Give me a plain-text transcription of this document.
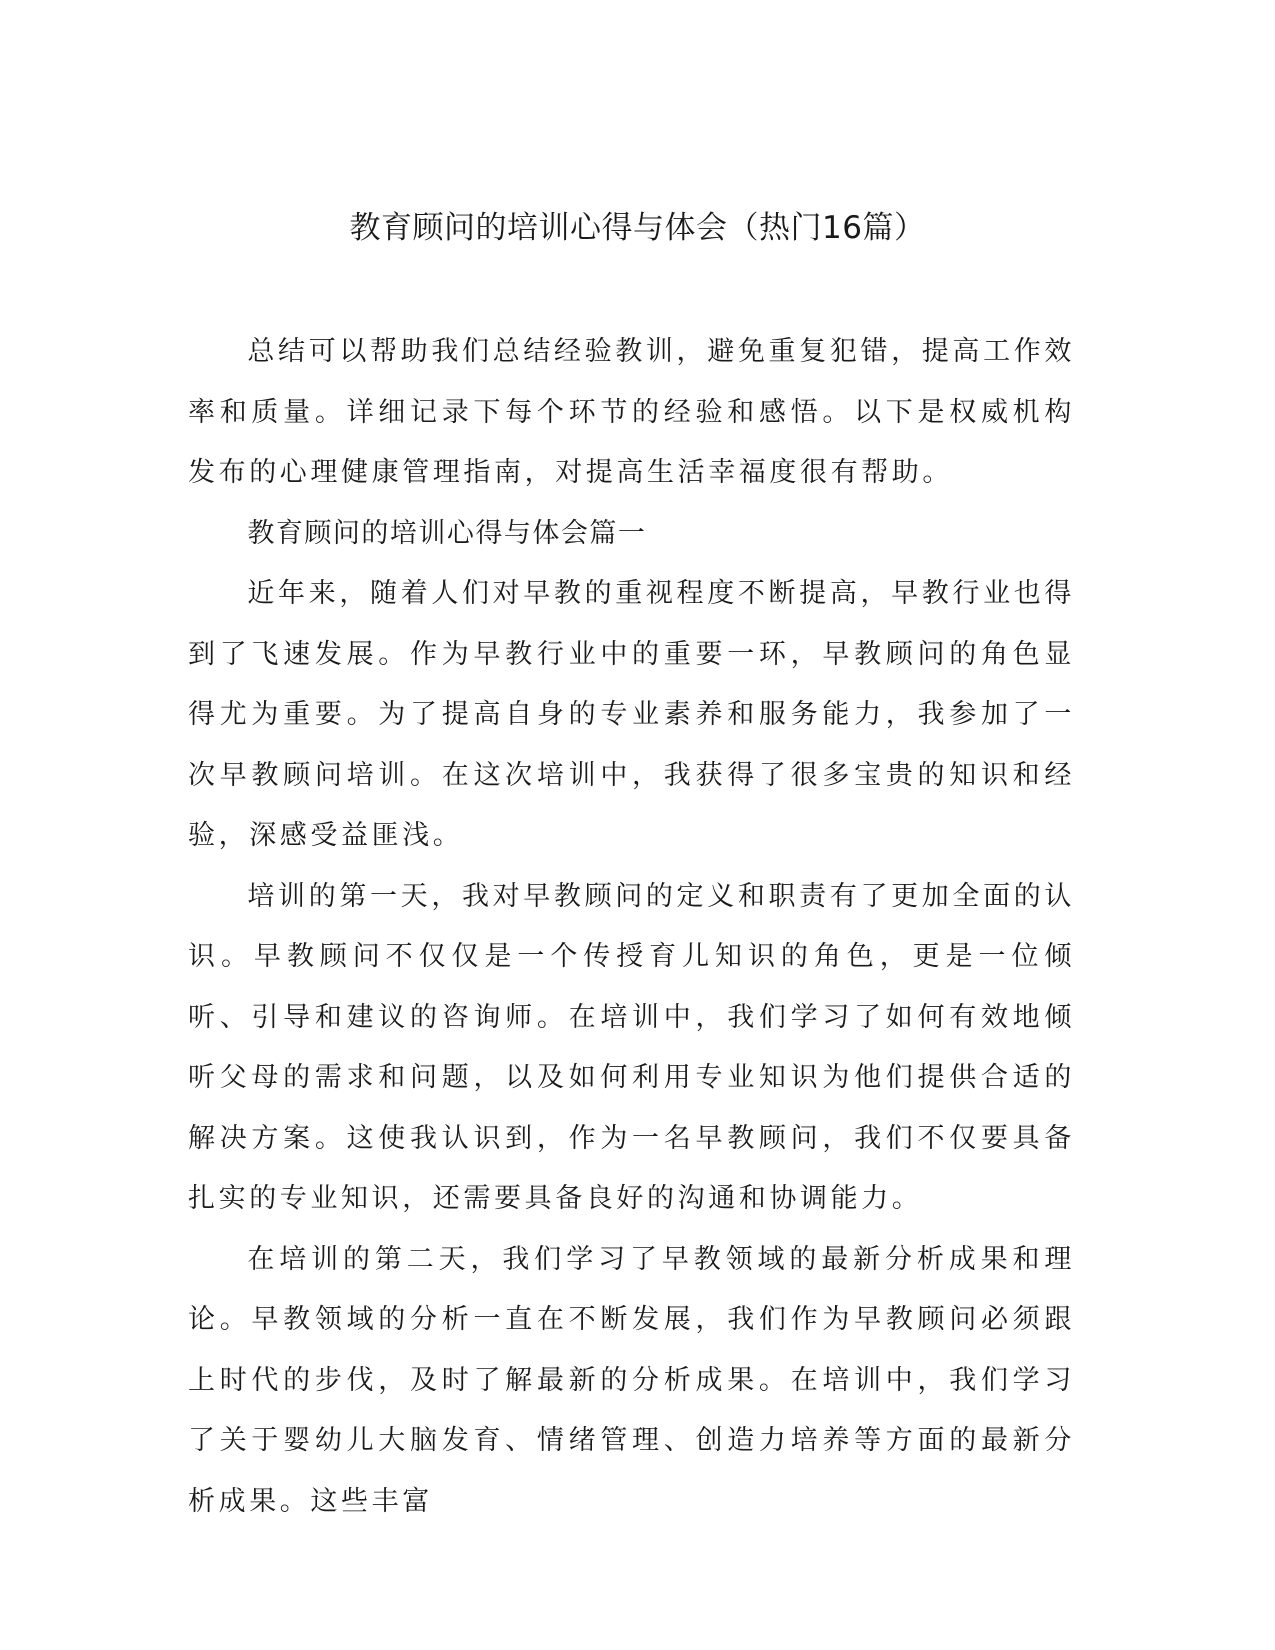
教育顾问的培训心得与体会（热门16篇）

总结可以帮助我们总结经验教训，避免重复犯错，提高工作效率和质量。详细记录下每个环节的经验和感悟。以下是权威机构发布的心理健康管理指南，对提高生活幸福度很有帮助。

教育顾问的培训心得与体会篇一

近年来，随着人们对早教的重视程度不断提高，早教行业也得到了飞速发展。作为早教行业中的重要一环，早教顾问的角色显得尤为重要。为了提高自身的专业素养和服务能力，我参加了一次早教顾问培训。在这次培训中，我获得了很多宝贵的知识和经验，深感受益匪浅。

培训的第一天，我对早教顾问的定义和职责有了更加全面的认识。早教顾问不仅仅是一个传授育儿知识的角色，更是一位倾听、引导和建议的咨询师。在培训中，我们学习了如何有效地倾听父母的需求和问题，以及如何利用专业知识为他们提供合适的解决方案。这使我认识到，作为一名早教顾问，我们不仅要具备扎实的专业知识，还需要具备良好的沟通和协调能力。

在培训的第二天，我们学习了早教领域的最新分析成果和理论。早教领域的分析一直在不断发展，我们作为早教顾问必须跟上时代的步伐，及时了解最新的分析成果。在培训中，我们学习了关于婴幼儿大脑发育、情绪管理、创造力培养等方面的最新分析成果。这些丰富
